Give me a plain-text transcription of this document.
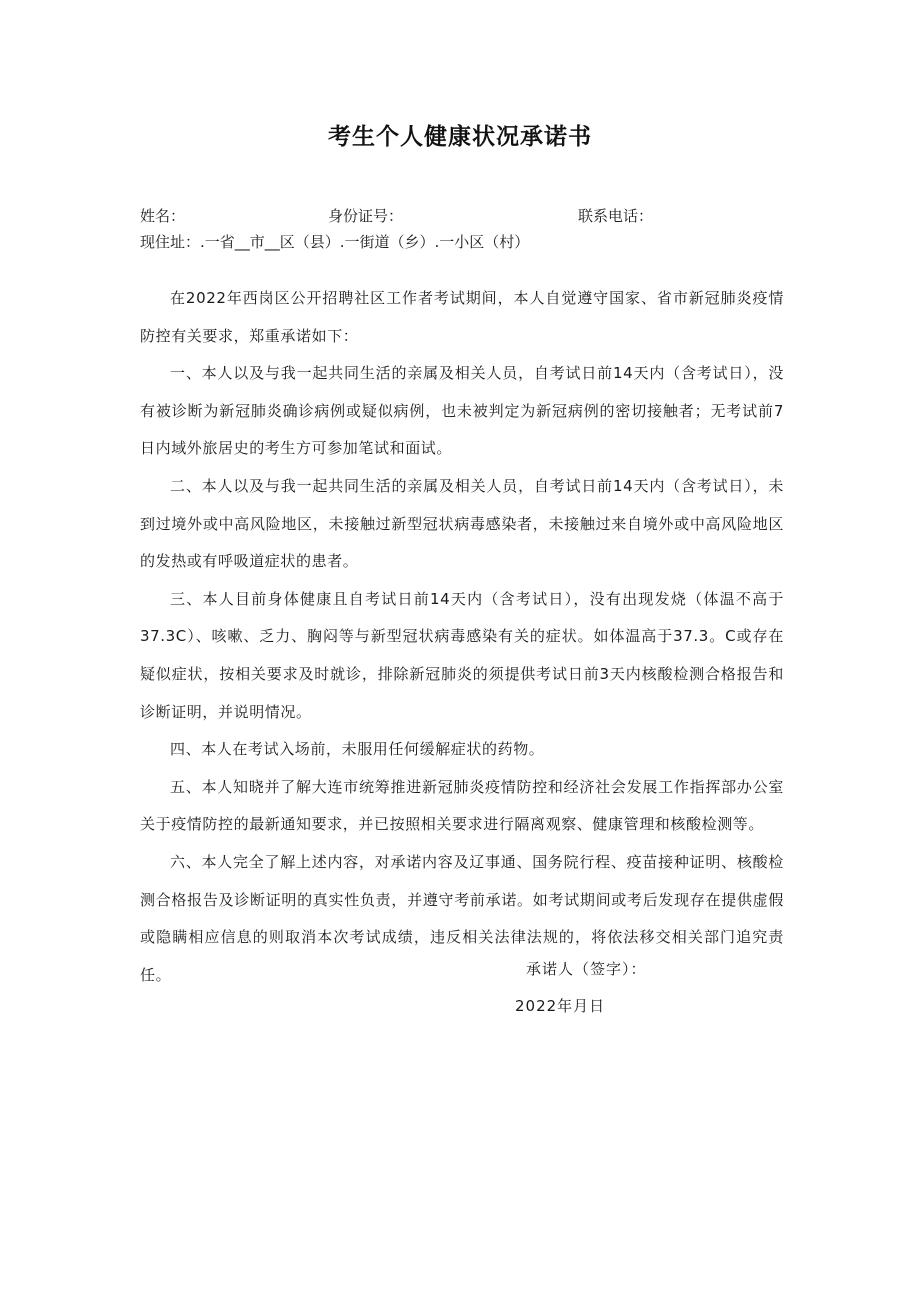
考生个人健康状况承诺书
姓名：	身份证号：	联系电话：
现住址：.一省__市__区（县）.一街道（乡）.一小区（村）

在2022年西岗区公开招聘社区工作者考试期间，本人自觉遵守国家、省市新冠肺炎疫情防控有关要求，郑重承诺如下：

一、本人以及与我一起共同生活的亲属及相关人员，自考试日前14天内（含考试日），没有被诊断为新冠肺炎确诊病例或疑似病例，也未被判定为新冠病例的密切接触者；无考试前7日内域外旅居史的考生方可参加笔试和面试。

二、本人以及与我一起共同生活的亲属及相关人员，自考试日前14天内（含考试日），未到过境外或中高风险地区，未接触过新型冠状病毒感染者，未接触过来自境外或中高风险地区的发热或有呼吸道症状的患者。

三、本人目前身体健康且自考试日前14天内（含考试日），没有出现发烧（体温不高于37.3C）、咳嗽、乏力、胸闷等与新型冠状病毒感染有关的症状。如体温高于37.3。C或存在疑似症状，按相关要求及时就诊，排除新冠肺炎的须提供考试日前3天内核酸检测合格报告和诊断证明，并说明情况。

四、本人在考试入场前，未服用任何缓解症状的药物。

五、本人知晓并了解大连市统筹推进新冠肺炎疫情防控和经济社会发展工作指挥部办公室关于疫情防控的最新通知要求，并已按照相关要求进行隔离观察、健康管理和核酸检测等。

六、本人完全了解上述内容，对承诺内容及辽事通、国务院行程、疫苗接种证明、核酸检测合格报告及诊断证明的真实性负责，并遵守考前承诺。如考试期间或考后发现存在提供虚假或隐瞒相应信息的则取消本次考试成绩，违反相关法律法规的，将依法移交相关部门追究责任。	承诺人（签字）：
2022年月日
